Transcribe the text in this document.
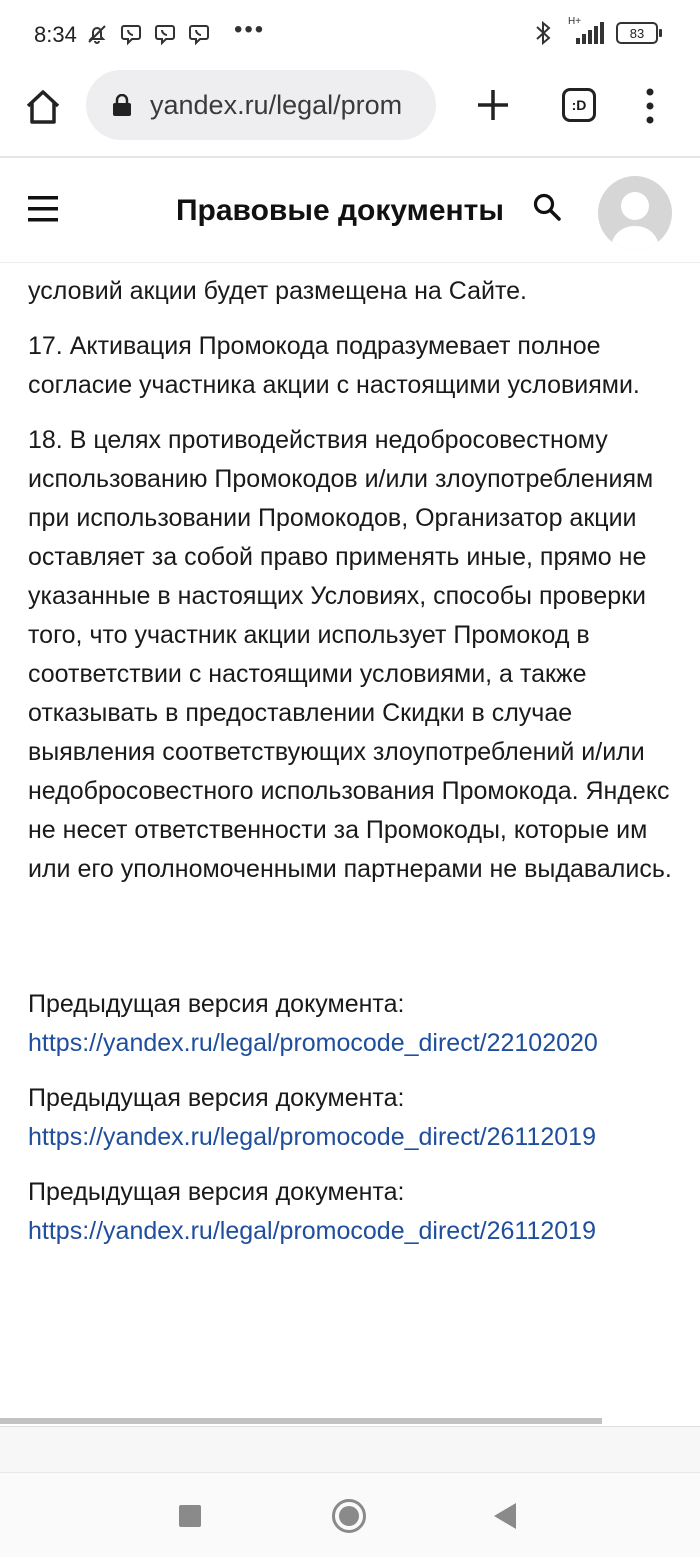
8:34	•••	H+
83
yandex.ru/legal/prom	:D
Правовые документы

условий акции будет размещена на Сайте.

17. Активация Промокода подразумевает полное согласие участника акции с настоящими условиями.

18. В целях противодействия недобросовестному использованию Промокодов и/или злоупотреблениям при использовании Промокодов, Организатор акции оставляет за собой право применять иные, прямо не указанные в настоящих Условиях, способы проверки того, что участник акции использует Промокод в соответствии с настоящими условиями, а также отказывать в предоставлении Скидки в случае выявления соответствующих злоупотреблений и/или недобросовестного использования Промокода. Яндекс не несет ответственности за Промокоды, которые им или его уполномоченными партнерами не выдавались.

Предыдущая версия документа:
https://yandex.ru/legal/promocode_direct/22102020
Предыдущая версия документа:
https://yandex.ru/legal/promocode_direct/26112019
Предыдущая версия документа:
https://yandex.ru/legal/promocode_direct/26112019
